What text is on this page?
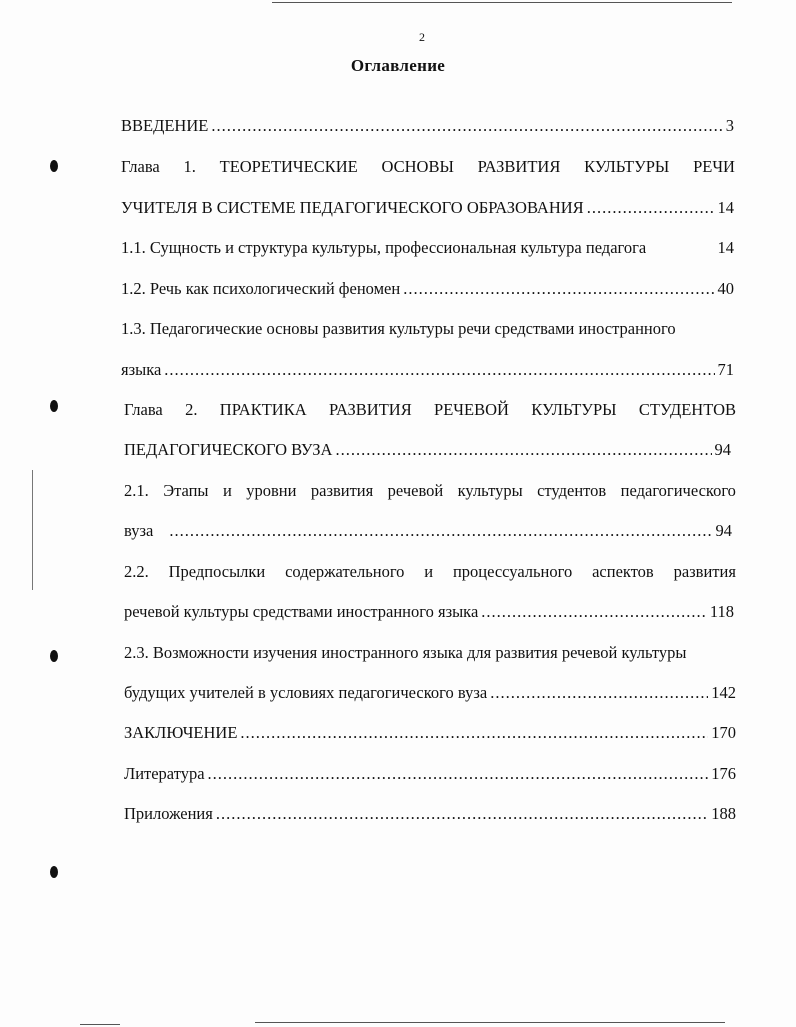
2
Оглавление
ВВЕДЕНИЕ .....	3
Глава 1. ТЕОРЕТИЧЕСКИЕ ОСНОВЫ РАЗВИТИЯ КУЛЬТУРЫ РЕЧИ
УЧИТЕЛЯ В СИСТЕМЕ ПЕДАГОГИЧЕСКОГО ОБРАЗОВАНИЯ .....	14
1.1. Сущность и структура культуры, профессиональная культура педагога	14
1.2. Речь как психологический феномен .....	40
1.3. Педагогические основы развития культуры речи средствами иностранного
языка .....	71
Глава 2. ПРАКТИКА РАЗВИТИЯ РЕЧЕВОЙ КУЛЬТУРЫ СТУДЕНТОВ
ПЕДАГОГИЧЕСКОГО ВУЗА .....	94
2.1. Этапы и уровни развития речевой культуры студентов педагогического
вуза .....	94
2.2. Предпосылки содержательного и процессуального аспектов развития
речевой культуры средствами иностранного языка .....	118
2.3. Возможности изучения иностранного языка для развития речевой культуры
будущих учителей в условиях педагогического вуза .....	142
ЗАКЛЮЧЕНИЕ .....	170
Литература .....	176
Приложения .....	188
